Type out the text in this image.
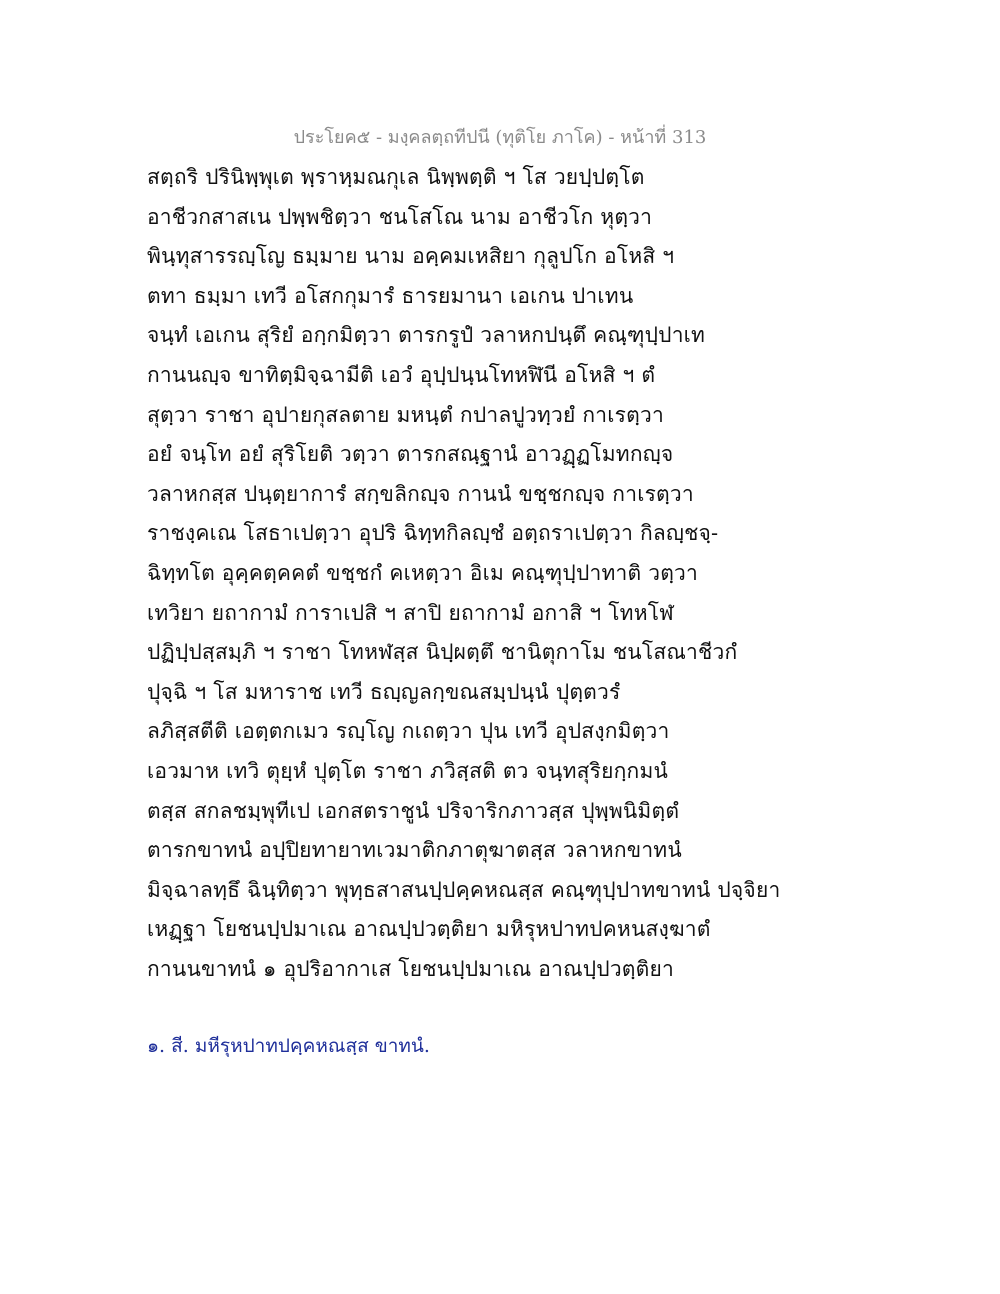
ประโยค๕ - มงฺคลตฺถทีปนี (ทุติโย ภาโค) - หน้าที่ 313
สตฺถริ ปรินิพฺพุเต พฺราหฺมณกุเล นิพฺพตฺติ ฯ โส วยปฺปตฺโต
อาชีวกสาสเน ปพฺพชิตฺวา ชนโสโณ นาม อาชีวโก หุตฺวา
พินฺทุสารรญฺโญ ธมฺมาย นาม อคฺคมเหสิยา กุลูปโก อโหสิ ฯ
ตทา ธมฺมา เทวี อโสกกุมารํ ธารยมานา เอเกน ปาเทน
จนฺทํ เอเกน สุริยํ อกฺกมิตฺวา ตารกรูปํ วลาหกปนฺตึ คณฺฑุปฺปาเท
กานนญฺจ ขาทิตฺมิจฺฉามีติ เอวํ อุปฺปนฺนโทหฬินี อโหสิ ฯ ตํ
สุตฺวา ราชา อุปายกุสลตาย มหนฺตํ กปาลปูวทฺวยํ กาเรตฺวา
อยํ จนฺโท อยํ สุริโยติ วตฺวา ตารกสณฺฐานํ อาวฏฺฏโมทกญฺจ
วลาหกสฺส ปนฺตฺยาการํ สกฺขลิกญฺจ กานนํ ขชฺชกญฺจ กาเรตฺวา
ราชงฺคเณ โสธาเปตฺวา อุปริ ฉิทฺทกิลญฺชํ อตฺถราเปตฺวา กิลญฺชจฺ-
ฉิทฺทโต อุคฺคตฺคคตํ ขชฺชกํ คเหตฺวา อิเม คณฺฑุปฺปาทาติ วตฺวา
เทวิยา ยถากามํ การาเปสิ ฯ สาปิ ยถากามํ อกาสิ ฯ โทหโฬ
ปฏิปฺปสฺสมฺภิ ฯ ราชา โทหฬสฺส นิปฺผตฺตึ ชานิตุกาโม ชนโสณาชีวกํ
ปุจฺฉิ ฯ โส มหาราช เทวี ธญฺญลกฺขณสมฺปนฺนํ ปุตฺตวรํ
ลภิสฺสตีติ เอตฺตกเมว รญฺโญ กเถตฺวา ปุน เทวี อุปสงฺกมิตฺวา
เอวมาห เทวิ ตุยฺหํ ปุตฺโต ราชา ภวิสฺสติ ตว จนฺทสุริยกฺกมนํ
ตสฺส สกลชมฺพุทีเป เอกสตราชูนํ ปริจาริกภาวสฺส ปุพฺพนิมิตฺตํ
ตารกขาทนํ อปฺปิยทายาทเวมาติกภาตุฆาตสฺส วลาหกขาทนํ
มิจฺฉาลทฺธึ ฉินฺทิตฺวา พุทฺธสาสนปฺปคฺคหณสฺส คณฺฑุปฺปาทขาทนํ ปจฺจิยา
เหฏฺฐา โยชนปฺปมาเณ อาณปฺปวตฺติยา มหิรุหปาทปคหนสงฺฆาตํ
กานนขาทนํ ๑ อุปริอากาเส โยชนปฺปมาเณ อาณปฺปวตฺติยา
๑. สี. มหีรุหปาทปคฺคหณสฺส ขาทนํ.
